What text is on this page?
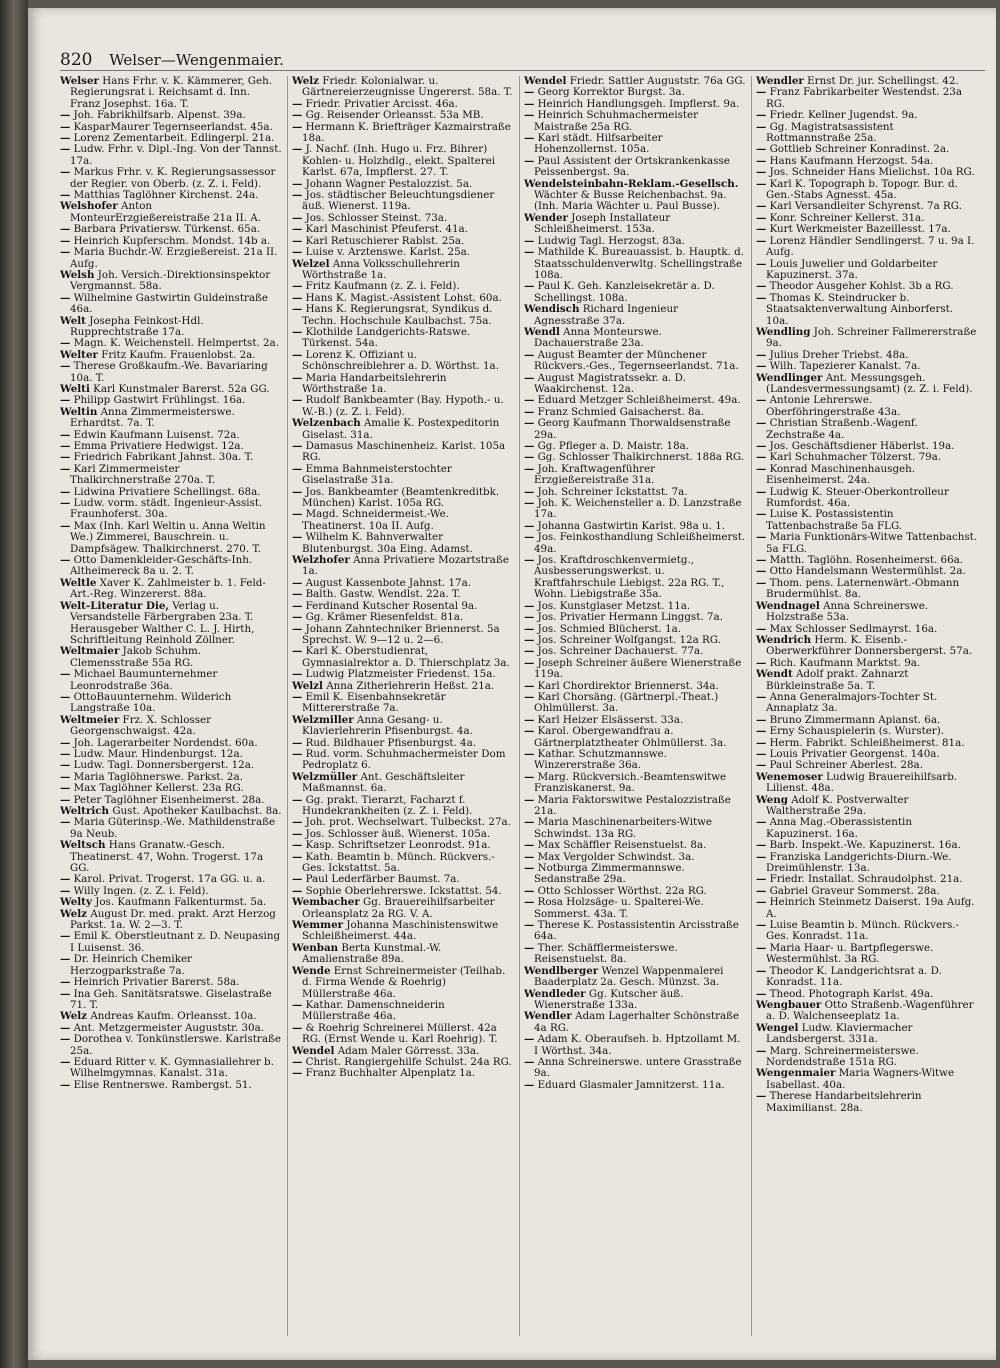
820 Welser—Wengenmaier.

Welser Hans Frhr. v. K. Kämmerer, Geh. Regierungsrat i. Reichsamt d. Inn. Franz Josephst. 16a. T.

— Joh. Fabrikhilfsarb. Alpenst. 39a.

— KasparMaurer Tegernseerlandst. 45a.

— Lorenz Zementarbeit. Edlingerpl. 21a.

— Ludw. Frhr. v. Dipl.-Ing. Von der Tannst. 17a.

— Markus Frhr. v. K. Regierungsassessor der Regier. von Oberb. (z. Z. i. Feld).

— Matthias Taglöhner Kirchenst. 24a.

Welshofer Anton MonteurErzgießereistraße 21a II. A.

— Barbara Privatiersw. Türkenst. 65a.

— Heinrich Kupferschm. Mondst. 14b a.

— Maria Buchdr.-W. Erzgießereist. 21a II. Aufg.

Welsh Joh. Versich.-Direktionsinspektor Vergmannst. 58a.

— Wilhelmine Gastwirtin Guldeinstraße 46a.

Welt Josepha Feinkost-Hdl. Rupprechtstraße 17a.

— Magn. K. Weichenstell. Helmpertst. 2a.

Welter Fritz Kaufm. Frauenlobst. 2a.

— Therese Großkaufm.-We. Bavariaring 10a. T.

Welti Karl Kunstmaler Barerst. 52a GG.

— Philipp Gastwirt Frühlingst. 16a.

Weltin Anna Zimmermeisterswe. Erhardtst. 7a. T.

— Edwin Kaufmann Luisenst. 72a.

— Emma Privatiere Hedwigst. 12a.

— Friedrich Fabrikant Jahnst. 30a. T.

— Karl Zimmermeister Thalkirchnerstraße 270a. T.

— Lidwina Privatiere Schellingst. 68a.

— Ludw. vorm. städt. Ingenieur-Assist. Fraunhoferst. 30a.

— Max (Inh. Karl Weltin u. Anna Weltin We.) Zimmerei, Bauschrein. u. Dampfsägew. Thalkirchnerst. 270. T.

— Otto Damenkleider-Geschäfts-Inh. Altheimereck 8a u. 2. T.

Weltle Xaver K. Zahlmeister b. 1. Feld-Art.-Reg. Winzererst. 88a.

Welt-Literatur Die, Verlag u. Versandstelle Färbergraben 23a. T. Herausgeber Walther C. L. J. Hirth, Schriftleitung Reinhold Zöllner.

Weltmaier Jakob Schuhm. Clemensstraße 55a RG.

— Michael Baumunternehmer Leonrodstraße 36a.

— OttoBauunternehm. Wilderich Langstraße 10a.

Weltmeier Frz. X. Schlosser Georgenschwaigst. 42a.

— Joh. Lagerarbeiter Nordendst. 60a.

— Ludw. Maur. Hindenburgst. 12a.

— Ludw. Tagl. Donnersbergerst. 12a.

— Maria Taglöhnerswe. Parkst. 2a.

— Max Taglöhner Kellerst. 23a RG.

— Peter Taglöhner Eisenheimerst. 28a.

Weltrich Gust. Apotheker Kaulbachst. 8a.

— Maria Güterinsp.-We. Mathildenstraße 9a Neub.

Weltsch Hans Granatw.-Gesch. Theatinerst. 47, Wohn. Trogerst. 17a GG.

— Karol. Privat. Trogerst. 17a GG. u. a.

— Willy Ingen. (z. Z. i. Feld).

Welty Jos. Kaufmann Falkenturmst. 5a.

Welz August Dr. med. prakt. Arzt Herzog Parkst. 1a. W. 2—3. T.

— Emil K. Oberstleutnant z. D. Neupasing I Luisenst. 36.

— Dr. Heinrich Chemiker Herzogparkstraße 7a.

— Heinrich Privatier Barerst. 58a.

— Ina Geh. Sanitätsratswe. Giselastraße 71. T.

Welz Andreas Kaufm. Orleansst. 10a.

— Ant. Metzgermeister Auguststr. 30a.

— Dorothea v. Tonkünstlerswe. Karlstraße 25a.

— Eduard Ritter v. K. Gymnasiallehrer b. Wilhelmgymnas. Kanalst. 31a.

— Elise Rentnerswe. Rambergst. 51.

Welz Friedr. Kolonialwar. u. Gärtnereierzeugnisse Ungererst. 58a. T.

— Friedr. Privatier Arcisst. 46a.

— Gg. Reisender Orleansst. 53a MB.

— Hermann K. Briefträger Kazmairstraße 18a.

— J. Nachf. (Inh. Hugo u. Frz. Bihrer) Kohlen- u. Holzhdlg., elekt. Spalterei Karlst. 67a, Impflerst. 27. T.

— Johann Wagner Pestalozzist. 5a.

— Jos. städtischer Beleuchtungsdiener äuß. Wienerst. 119a.

— Jos. Schlosser Steinst. 73a.

— Karl Maschinist Pfeuferst. 41a.

— Karl Retuschierer Rablst. 25a.

— Luise v. Arztenswe. Karlst. 25a.

Welzel Anna Volksschullehrerin Wörthstraße 1a.

— Fritz Kaufmann (z. Z. i. Feld).

— Hans K. Magist.-Assistent Lohst. 60a.

— Hans K. Regierungsrat, Syndikus d. Techn. Hochschule Kaulbachst. 75a.

— Klothilde Landgerichts-Ratswe. Türkenst. 54a.

— Lorenz K. Offiziant u. Schönschreiblehrer a. D. Wörthst. 1a.

— Maria Handarbeitslehrerin Wörthstraße 1a.

— Rudolf Bankbeamter (Bay. Hypoth.- u. W.-B.) (z. Z. i. Feld).

Welzenbach Amalie K. Postexpeditorin Giselast. 31a.

— Damasus Maschinenheiz. Karlst. 105a RG.

— Emma Bahnmeisterstochter Giselastraße 31a.

— Jos. Bankbeamter (Beamtenkreditbk. München) Karlst. 105a RG.

— Magd. Schneidermeist.-We. Theatinerst. 10a II. Aufg.

— Wilhelm K. Bahnverwalter Blutenburgst. 30a Eing. Adamst.

Welzhofer Anna Privatiere Mozartstraße 1a.

— August Kassenbote Jahnst. 17a.

— Balth. Gastw. Wendlst. 22a. T.

— Ferdinand Kutscher Rosental 9a.

— Gg. Krämer Riesenfeldst. 81a.

— Johann Zahntechniker Briennerst. 5a Sprechst. W. 9—12 u. 2—6.

— Karl K. Oberstudienrat, Gymnasialrektor a. D. Thierschplatz 3a.

— Ludwig Platzmeister Friedenst. 15a.

Welzl Anna Zitherlehrerin Heßst. 21a.

— Emil K. Eisenbahnsekretär Mittererstraße 7a.

Welzmiller Anna Gesang- u. Klavierlehrerin Pfisenburgst. 4a.

— Rud. Bildhauer Pfisenburgst. 4a.

— Rud. vorm. Schuhmachermeister Dom Pedroplatz 6.

Welzmüller Ant. Geschäftsleiter Maßmannst. 6a.

— Gg. prakt. Tierarzt, Facharzt f. Hundekrankheiten (z. Z. i. Feld).

— Joh. prot. Wechselwart. Tulbeckst. 27a.

— Jos. Schlosser äuß. Wienerst. 105a.

— Kasp. Schriftsetzer Leonrodst. 91a.

— Kath. Beamtin b. Münch. Rückvers.-Ges. Ickstattst. 5a.

— Paul Lederfärber Baumst. 7a.

— Sophie Oberlehrerswe. Ickstattst. 54.

Wembacher Gg. Brauereihilfsarbeiter Orleansplatz 2a RG. V. A.

Wemmer Johanna Maschinistenswitwe Schleißheimerst. 44a.

Wenban Berta Kunstmal.-W. Amalienstraße 89a.

Wende Ernst Schreinermeister (Teilhab. d. Firma Wende & Roehrig) Müllerstraße 46a.

— Kathar. Damenschneiderin Müllerstraße 46a.

— & Roehrig Schreinerei Müllerst. 42a RG. (Ernst Wende u. Karl Roehrig). T.

Wendel Adam Maler Görresst. 33a.

— Christ. Rangiergehilfe Schulst. 24a RG.

— Franz Buchhalter Alpenplatz 1a.

Wendel Friedr. Sattler Auguststr. 76a GG.

— Georg Korrektor Burgst. 3a.

— Heinrich Handlungsgeh. Impflerst. 9a.

— Heinrich Schuhmachermeister Maistraße 25a RG.

— Karl städt. Hilfsarbeiter Hohenzollernst. 105a.

— Paul Assistent der Ortskrankenkasse Peissenbergst. 9a.

Wendelsteinbahn-Reklam.-Gesellsch. Wächter & Busse Reichenbachst. 9a. (Inh. Maria Wächter u. Paul Busse).

Wender Joseph Installateur Schleißheimerst. 153a.

— Ludwig Tagl. Herzogst. 83a.

— Mathilde K. Bureauassist. b. Hauptk. d. Staatsschuldenverwltg. Schellingstraße 108a.

— Paul K. Geh. Kanzleisekretär a. D. Schellingst. 108a.

Wendisch Richard Ingenieur Agnesstraße 37a.

Wendl Anna Monteurswe. Dachauerstraße 23a.

— August Beamter der Münchener Rückvers.-Ges., Tegernseerlandst. 71a.

— August Magistratssekr. a. D. Waakirchenst. 12a.

— Eduard Metzger Schleißheimerst. 49a.

— Franz Schmied Gaisacherst. 8a.

— Georg Kaufmann Thorwaldsenstraße 29a.

— Gg. Pfleger a. D. Maistr. 18a.

— Gg. Schlosser Thalkirchnerst. 188a RG.

— Joh. Kraftwagenführer Erzgießereistraße 31a.

— Joh. Schreiner Ickstattst. 7a.

— Joh. K. Weichensteller a. D. Lanzstraße 17a.

— Johanna Gastwirtin Karlst. 98a u. 1.

— Jos. Feinkosthandlung Schleißheimerst. 49a.

— Jos. Kraftdroschkenvermietg., Ausbesserungswerkst. u. Kraftfahrschule Liebigst. 22a RG. T., Wohn. Liebigstraße 35a.

— Jos. Kunstglaser Metzst. 11a.

— Jos. Privatier Hermann Linggst. 7a.

— Jos. Schmied Blücherst. 1a.

— Jos. Schreiner Wolfgangst. 12a RG.

— Jos. Schreiner Dachauerst. 77a.

— Joseph Schreiner äußere Wienerstraße 119a.

— Karl Chordirektor Briennerst. 34a.

— Karl Chorsäng. (Gärtnerpl.-Theat.) Ohlmüllerst. 3a.

— Karl Heizer Elsässerst. 33a.

— Karol. Obergewandfrau a. Gärtnerplatztheater Ohlmüllerst. 3a.

— Kathar. Schutzmannswe. Winzererstraße 36a.

— Marg. Rückversich.-Beamtenswitwe Franziskanerst. 9a.

— Maria Faktorswitwe Pestalozzistraße 21a.

— Maria Maschinenarbeiters-Witwe Schwindst. 13a RG.

— Max Schäffler Reisenstuelst. 8a.

— Max Vergolder Schwindst. 3a.

— Notburga Zimmermannswe. Sedanstraße 29a.

— Otto Schlosser Wörthst. 22a RG.

— Rosa Holzsäge- u. Spalterei-We. Sommerst. 43a. T.

— Therese K. Postassistentin Arcisstraße 64a.

— Ther. Schäfflermeisterswe. Reisenstuelst. 8a.

Wendlberger Wenzel Wappenmalerei Baaderplatz 2a. Gesch. Münzst. 3a.

Wendleder Gg. Kutscher äuß. Wienerstraße 133a.

Wendler Adam Lagerhalter Schönstraße 4a RG.

— Adam K. Oberaufseh. b. Hptzollamt M. I Wörthst. 34a.

— Anna Schreinerswe. untere Grasstraße 9a.

— Eduard Glasmaler Jamnitzerst. 11a.

Wendler Ernst Dr. jur. Schellingst. 42.

— Franz Fabrikarbeiter Westendst. 23a RG.

— Friedr. Kellner Jugendst. 9a.

— Gg. Magistratsassistent Rottmannstraße 25a.

— Gottlieb Schreiner Konradinst. 2a.

— Hans Kaufmann Herzogst. 54a.

— Jos. Schneider Hans Mielichst. 10a RG.

— Karl K. Topograph b. Topogr. Bur. d. Gen.-Stabs Agnesst. 45a.

— Karl Versandleiter Schyrenst. 7a RG.

— Konr. Schreiner Kellerst. 31a.

— Kurt Werkmeister Bazeillesst. 17a.

— Lorenz Händler Sendlingerst. 7 u. 9a I. Aufg.

— Louis Juwelier und Goldarbeiter Kapuzinerst. 37a.

— Theodor Ausgeher Kohlst. 3b a RG.

— Thomas K. Steindrucker b. Staatsaktenverwaltung Ainborferst. 10a.

Wendling Joh. Schreiner Fallmererstraße 9a.

— Julius Dreher Triebst. 48a.

— Wilh. Tapezierer Kanalst. 7a.

Wendlinger Ant. Messungsgeh. (Landesvermessungsamt) (z. Z. i. Feld).

— Antonie Lehrerswe. Oberföhringerstraße 43a.

— Christian Straßenb.-Wagenf. Zechstraße 4a.

— Jos. Geschäftsdiener Häberlst. 19a.

— Karl Schuhmacher Tölzerst. 79a.

— Konrad Maschinenhausgeh. Eisenheimerst. 24a.

— Ludwig K. Steuer-Oberkontrolleur Rumfordst. 46a.

— Luise K. Postassistentin Tattenbachstraße 5a FLG.

— Maria Funktionärs-Witwe Tattenbachst. 5a FLG.

— Matth. Taglöhn. Rosenheimerst. 66a.

— Otto Handelsmann Westermühlst. 2a.

— Thom. pens. Laternenwärt.-Obmann Brudermühlst. 8a.

Wendnagel Anna Schreinerswe. Holzstraße 53a.

— Max Schlosser Sedlmayrst. 16a.

Wendrich Herm. K. Eisenb.-Oberwerkführer Donnersbergerst. 57a.

— Rich. Kaufmann Marktst. 9a.

Wendt Adolf prakt. Zahnarzt Bürkleinstraße 5a. T.

— Anna Generalmajors-Tochter St. Annaplatz 3a.

— Bruno Zimmermann Apianst. 6a.

— Erny Schauspielerin (s. Wurster).

— Herm. Fabrikt. Schleißheimerst. 81a.

— Louis Privatier Georgenst. 140a.

— Paul Schreiner Aberlest. 28a.

Wenemoser Ludwig Brauereihilfsarb. Lilienst. 48a.

Weng Adolf K. Postverwalter Waltherstraße 29a.

— Anna Mag.-Oberassistentin Kapuzinerst. 16a.

— Barb. Inspekt.-We. Kapuzinerst. 16a.

— Franziska Landgerichts-Diurn.-We. Dreimühlenstr. 13a.

— Friedr. Installat. Schraudolphst. 21a.

— Gabriel Graveur Sommerst. 28a.

— Heinrich Steinmetz Daiserst. 19a Aufg. A.

— Luise Beamtin b. Münch. Rückvers.-Ges. Konradst. 11a.

— Maria Haar- u. Bartpflegerswe. Westermühlst. 3a RG.

— Theodor K. Landgerichtsrat a. D. Konradst. 11a.

— Theod. Photograph Karlst. 49a.

Wengbauer Otto Straßenb.-Wagenführer a. D. Walchenseeplatz 1a.

Wengel Ludw. Klaviermacher Landsbergerst. 331a.

— Marg. Schreinermeisterswe. Nordendstraße 151a RG.

Wengenmaier Maria Wagners-Witwe Isabellast. 40a.

— Therese Handarbeitslehrerin Maximilianst. 28a.
